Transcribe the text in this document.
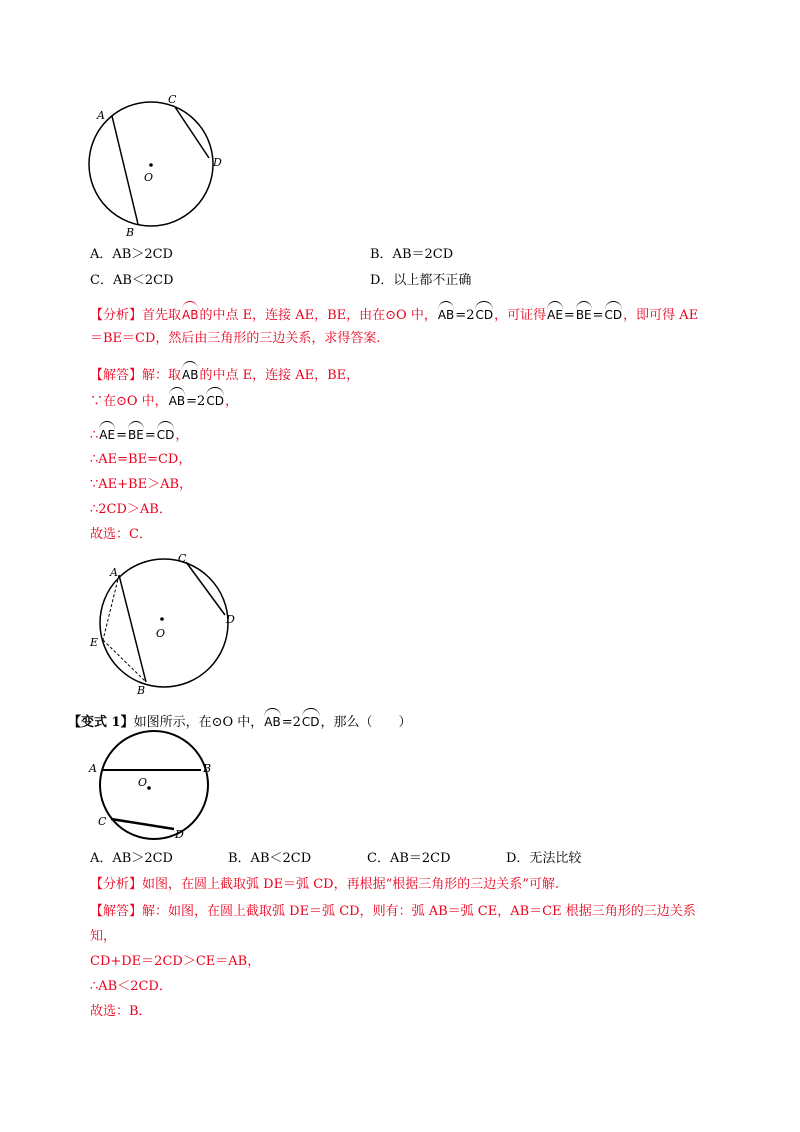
A
C
D
O
B
A．AB＞2CD	B．AB＝2CD
C．AB＜2CD	D．以上都不正确
【分析】首先取AB的中点 E，连接 AE，BE，由在⊙O 中，AB=2CD，可证得AE=BE=CD，即可得 AE
＝BE＝CD，然后由三角形的三边关系，求得答案.
【解答】解：取AB的中点 E，连接 AE，BE，
∵在⊙O 中，AB=2CD，
∴AE=BE=CD，
∴AE=BE=CD，
∵AE+BE＞AB，
∴2CD＞AB．
故选：C．
A
C
D
E
O
B
【变式 1】如图所示，在⊙O 中，AB=2CD，那么（　　）
A	B
C
D
O
A．AB＞2CD	B．AB＜2CD	C．AB＝2CD	D．无法比较
【分析】如图，在圆上截取弧 DE＝弧 CD，再根据“根据三角形的三边关系”可解.
【解答】解：如图，在圆上截取弧 DE＝弧 CD，则有：弧 AB＝弧 CE，AB＝CE 根据三角形的三边关系
知，
CD+DE＝2CD＞CE＝AB，
∴AB＜2CD．
故选：B．
